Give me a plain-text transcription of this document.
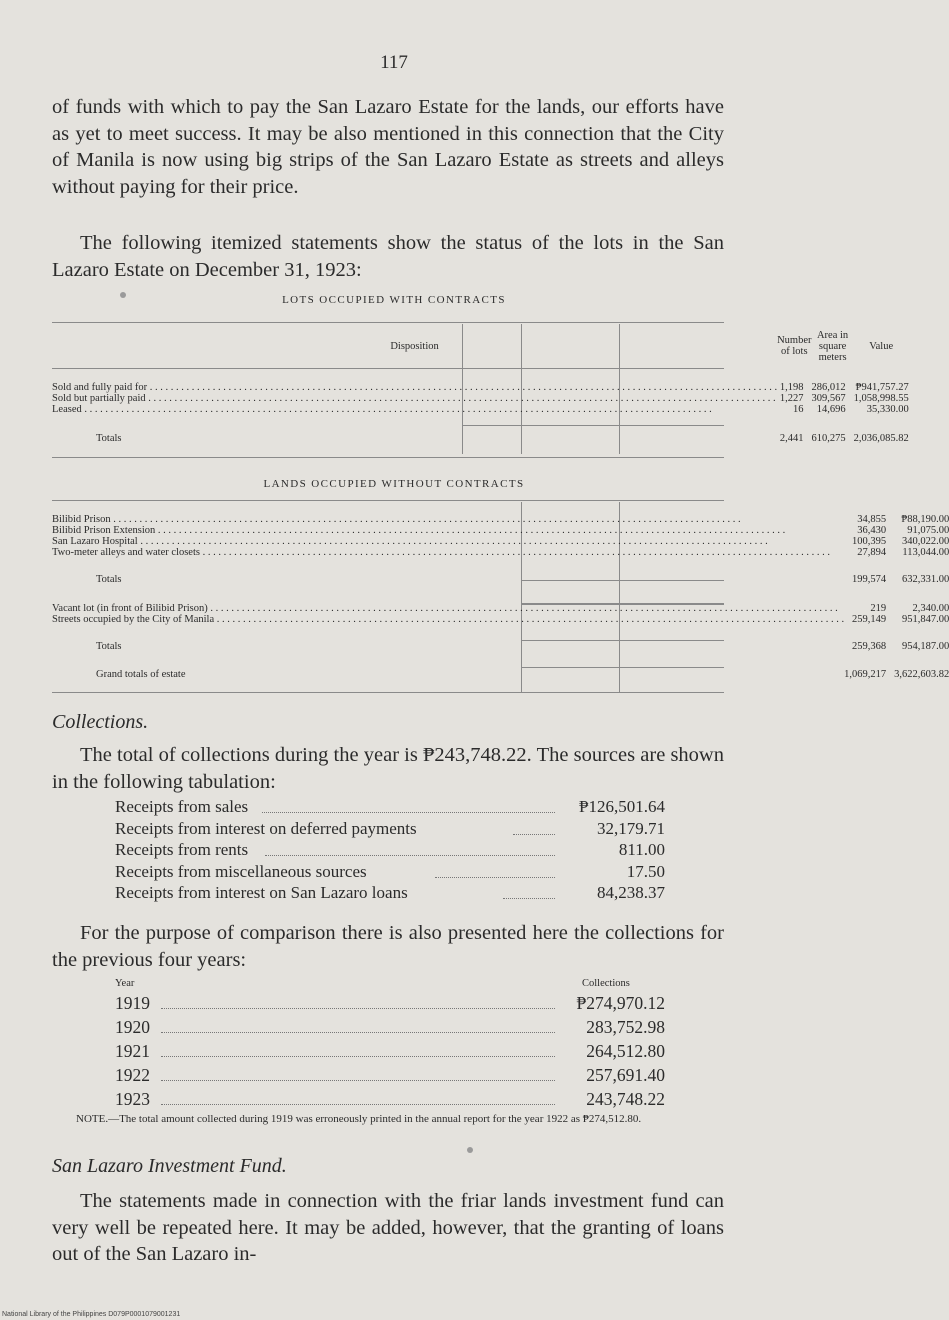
117

of funds with which to pay the San Lazaro Estate for the lands, our efforts have as yet to meet success. It may be also mentioned in this connection that the City of Manila is now using big strips of the San Lazaro Estate as streets and alleys without paying for their price.

The following itemized statements show the status of the lots in the San Lazaro Estate on December 31, 1923:

LOTS OCCUPIED WITH CONTRACTS
Disposition	Number of lots	Area in square meters	Value

Sold and fully paid for . . . . . . . . . . . . . . . . . . . . . . . . . . . . . . . . . . . . . . . . . . . . . . . . . . . . . . . . . . . . . . . . . . . . . . . . . . . . . . . . . . . . . . . . . . . . . . . . . . . . . . . . . . . . . . . . . . . . . . . .	1,198	286,012	₱941,757.27
Sold but partially paid . . . . . . . . . . . . . . . . . . . . . . . . . . . . . . . . . . . . . . . . . . . . . . . . . . . . . . . . . . . . . . . . . . . . . . . . . . . . . . . . . . . . . . . . . . . . . . . . . . . . . . . . . . . . . . . . . . . . . . . .	1,227	309,567	1,058,998.55
Leased . . . . . . . . . . . . . . . . . . . . . . . . . . . . . . . . . . . . . . . . . . . . . . . . . . . . . . . . . . . . . . . . . . . . . . . . . . . . . . . . . . . . . . . . . . . . . . . . . . . . . . . . . . . . . . . . . . . . . . . .	16	14,696	35,330.00

Totals	2,441	610,275	2,036,085.82
LANDS OCCUPIED WITHOUT CONTRACTS
Bilibid Prison . . . . . . . . . . . . . . . . . . . . . . . . . . . . . . . . . . . . . . . . . . . . . . . . . . . . . . . . . . . . . . . . . . . . . . . . . . . . . . . . . . . . . . . . . . . . . . . . . . . . . . . . . . . . . . . . . . . . . . . .	34,855	₱88,190.00
Bilibid Prison Extension . . . . . . . . . . . . . . . . . . . . . . . . . . . . . . . . . . . . . . . . . . . . . . . . . . . . . . . . . . . . . . . . . . . . . . . . . . . . . . . . . . . . . . . . . . . . . . . . . . . . . . . . . . . . . . . . . . . . . . . .	36,430	91,075.00
San Lazaro Hospital . . . . . . . . . . . . . . . . . . . . . . . . . . . . . . . . . . . . . . . . . . . . . . . . . . . . . . . . . . . . . . . . . . . . . . . . . . . . . . . . . . . . . . . . . . . . . . . . . . . . . . . . . . . . . . . . . . . . . . . .	100,395	340,022.00
Two-meter alleys and water closets . . . . . . . . . . . . . . . . . . . . . . . . . . . . . . . . . . . . . . . . . . . . . . . . . . . . . . . . . . . . . . . . . . . . . . . . . . . . . . . . . . . . . . . . . . . . . . . . . . . . . . . . . . . . . . . . . . . . . . . .	27,894	113,044.00

Totals	199,574	632,331.00

Vacant lot (in front of Bilibid Prison) . . . . . . . . . . . . . . . . . . . . . . . . . . . . . . . . . . . . . . . . . . . . . . . . . . . . . . . . . . . . . . . . . . . . . . . . . . . . . . . . . . . . . . . . . . . . . . . . . . . . . . . . . . . . . . . . . . . . . . . .	219	2,340.00
Streets occupied by the City of Manila . . . . . . . . . . . . . . . . . . . . . . . . . . . . . . . . . . . . . . . . . . . . . . . . . . . . . . . . . . . . . . . . . . . . . . . . . . . . . . . . . . . . . . . . . . . . . . . . . . . . . . . . . . . . . . . . . . . . . . . .	259,149	951,847.00

Totals	259,368	954,187.00

Grand totals of estate	1,069,217	3,622,603.82
Collections.

The total of collections during the year is ₱243,748.22. The sources are shown in the following tabulation:

Receipts from sales	₱126,501.64
Receipts from interest on deferred payments	32,179.71
Receipts from rents	811.00
Receipts from miscellaneous sources	17.50
Receipts from interest on San Lazaro loans	84,238.37

For the purpose of comparison there is also presented here the collections for the previous four years:

Year	Collections
1919	₱274,970.12
1920	283,752.98
1921	264,512.80
1922	257,691.40
1923	243,748.22

NOTE.—The total amount collected during 1919 was erroneously printed in the annual report for the year 1922 as ₱274,512.80.

San Lazaro Investment Fund.

The statements made in connection with the friar lands investment fund can very well be repeated here. It may be added, however, that the granting of loans out of the San Lazaro in-

National Library of the Philippines D079P0001079001231
